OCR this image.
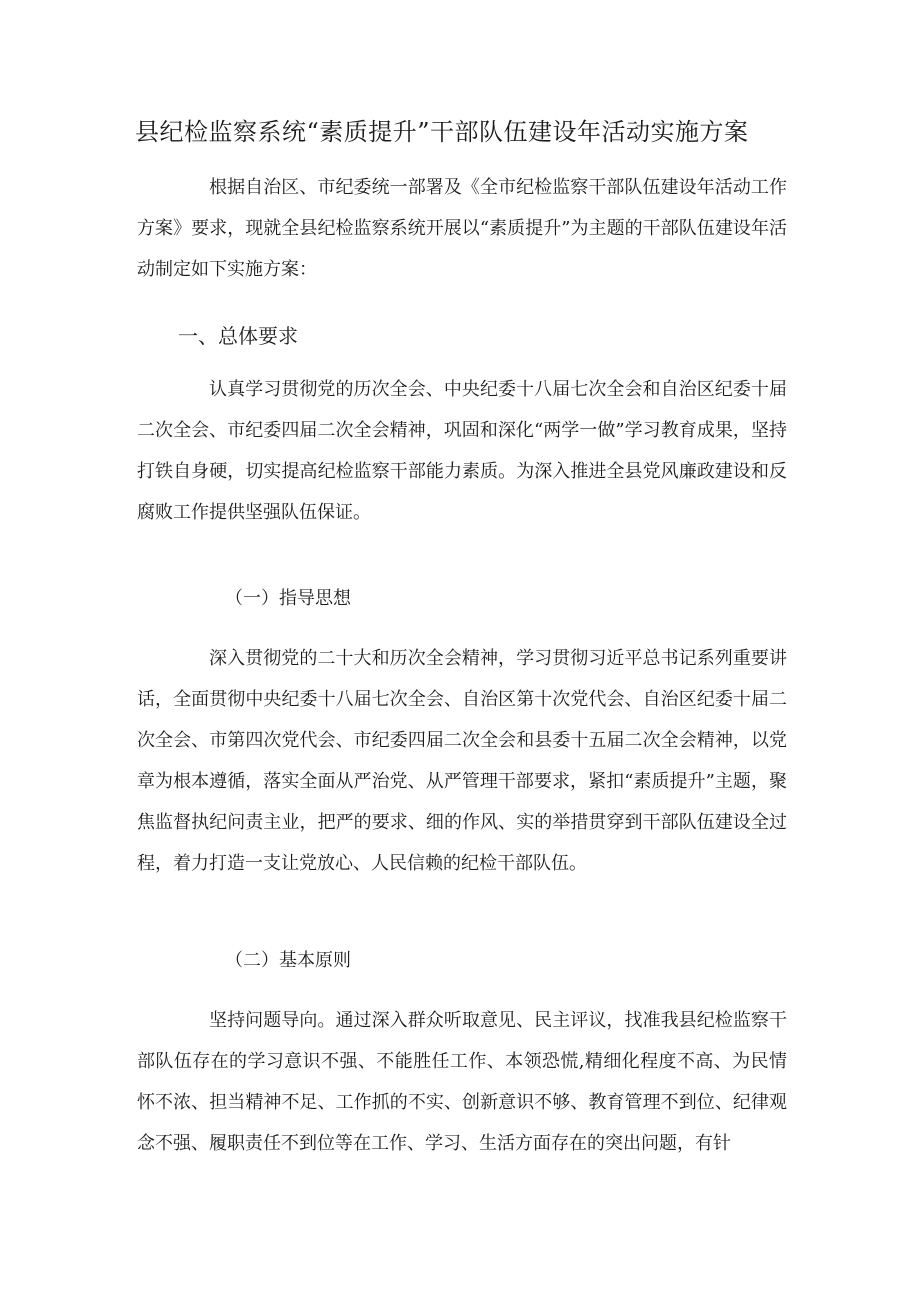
县纪检监察系统“素质提升”干部队伍建设年活动实施方案

根据自治区、市纪委统一部署及《全市纪检监察干部队伍建设年活动工作方案》要求，现就全县纪检监察系统开展以“素质提升”为主题的干部队伍建设年活动制定如下实施方案：

一、总体要求

认真学习贯彻党的历次全会、中央纪委十八届七次全会和自治区纪委十届二次全会、市纪委四届二次全会精神，巩固和深化“两学一做”学习教育成果，坚持打铁自身硬，切实提高纪检监察干部能力素质。为深入推进全县党风廉政建设和反腐败工作提供坚强队伍保证。

（一）指导思想

深入贯彻党的二十大和历次全会精神，学习贯彻习近平总书记系列重要讲话，全面贯彻中央纪委十八届七次全会、自治区第十次党代会、自治区纪委十届二次全会、市第四次党代会、市纪委四届二次全会和县委十五届二次全会精神，以党章为根本遵循，落实全面从严治党、从严管理干部要求，紧扣“素质提升”主题，聚焦监督执纪问责主业，把严的要求、细的作风、实的举措贯穿到干部队伍建设全过程，着力打造一支让党放心、人民信赖的纪检干部队伍。

（二）基本原则

坚持问题导向。通过深入群众听取意见、民主评议，找准我县纪检监察干部队伍存在的学习意识不强、不能胜任工作、本领恐慌,精细化程度不高、为民情怀不浓、担当精神不足、工作抓的不实、创新意识不够、教育管理不到位、纪律观念不强、履职责任不到位等在工作、学习、生活方面存在的突出问题，有针
